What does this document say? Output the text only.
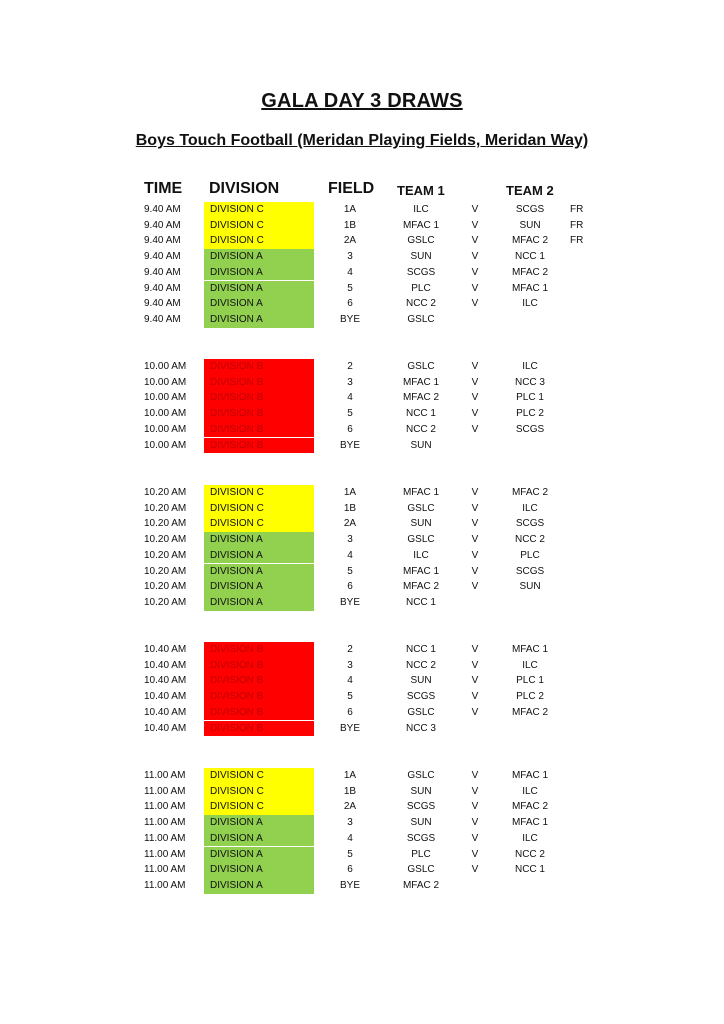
GALA DAY 3 DRAWS
Boys Touch Football (Meridan Playing Fields, Meridan Way)
TIME DIVISION	FIELD TEAM 1	TEAM 2
9.40 AM	DIVISION C	1A	ILC	V	SCGS	FR
9.40 AM	DIVISION C	1B	MFAC 1	V	SUN	FR
9.40 AM	DIVISION C	2A	GSLC	V	MFAC 2	FR
9.40 AM	DIVISION A	3	SUN	V	NCC 1
9.40 AM	DIVISION A	4	SCGS	V	MFAC 2
9.40 AM	DIVISION A	5	PLC	V	MFAC 1
9.40 AM	DIVISION A	6	NCC 2	V	ILC
9.40 AM	DIVISION A	BYE	GSLC
10.00 AM	DIVISION B	2	GSLC	V	ILC
10.00 AM	DIVISION B	3	MFAC 1	V	NCC 3
10.00 AM	DIVISION B	4	MFAC 2	V	PLC 1
10.00 AM	DIVISION B	5	NCC 1	V	PLC 2
10.00 AM	DIVISION B	6	NCC 2	V	SCGS
10.00 AM	DIVISION B	BYE	SUN
10.20 AM	DIVISION C	1A	MFAC 1	V	MFAC 2
10.20 AM	DIVISION C	1B	GSLC	V	ILC
10.20 AM	DIVISION C	2A	SUN	V	SCGS
10.20 AM	DIVISION A	3	GSLC	V	NCC 2
10.20 AM	DIVISION A	4	ILC	V	PLC
10.20 AM	DIVISION A	5	MFAC 1	V	SCGS
10.20 AM	DIVISION A	6	MFAC 2	V	SUN
10.20 AM	DIVISION A	BYE	NCC 1
10.40 AM	DIVISION B	2	NCC 1	V	MFAC 1
10.40 AM	DIVISION B	3	NCC 2	V	ILC
10.40 AM	DIVISION B	4	SUN	V	PLC 1
10.40 AM	DIVISION B	5	SCGS	V	PLC 2
10.40 AM	DIVISION B	6	GSLC	V	MFAC 2
10.40 AM	DIVISION B	BYE	NCC 3
11.00 AM	DIVISION C	1A	GSLC	V	MFAC 1
11.00 AM	DIVISION C	1B	SUN	V	ILC
11.00 AM	DIVISION C	2A	SCGS	V	MFAC 2
11.00 AM	DIVISION A	3	SUN	V	MFAC 1
11.00 AM	DIVISION A	4	SCGS	V	ILC
11.00 AM	DIVISION A	5	PLC	V	NCC 2
11.00 AM	DIVISION A	6	GSLC	V	NCC 1
11.00 AM	DIVISION A	BYE	MFAC 2
